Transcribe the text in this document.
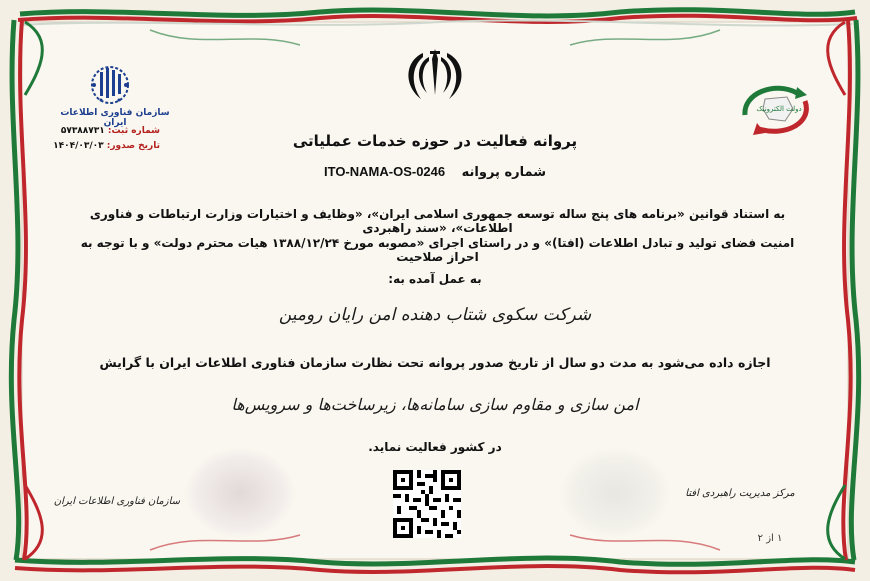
سازمان فناوری اطلاعات ایران
شماره ثبت: ۵۷۳۸۸۷۳۱
تاریخ صدور: ۱۴۰۴/۰۳/۰۳
دولت الکترونیک
پروانه فعالیت در حوزه خدمات عملیاتی
شماره پروانه ITO-NAMA-OS-0246
به استناد قوانین «برنامه های پنج ساله توسعه جمهوری اسلامی ایران»، «وظایف و اختیارات وزارت ارتباطات و فناوری اطلاعات»، «سند راهبردی
امنیت فضای تولید و تبادل اطلاعات (افتا)» و در راستای اجرای «مصوبه مورخ ۱۳۸۸/۱۲/۲۴ هیات محترم دولت» و با توجه به احراز صلاحیت
به عمل آمده به:
شرکت سکوی شتاب دهنده امن رایان رومین
اجازه داده می‌شود به مدت دو سال از تاریخ صدور پروانه تحت نظارت سازمان فناوری اطلاعات ایران با گرایش
امن سازی و مقاوم سازی سامانه‌ها، زیرساخت‌ها و سرویس‌ها
در کشور فعالیت نماید.
سازمان فناوری اطلاعات ایران
مرکز مدیریت راهبردی افتا
۱ از ۲
